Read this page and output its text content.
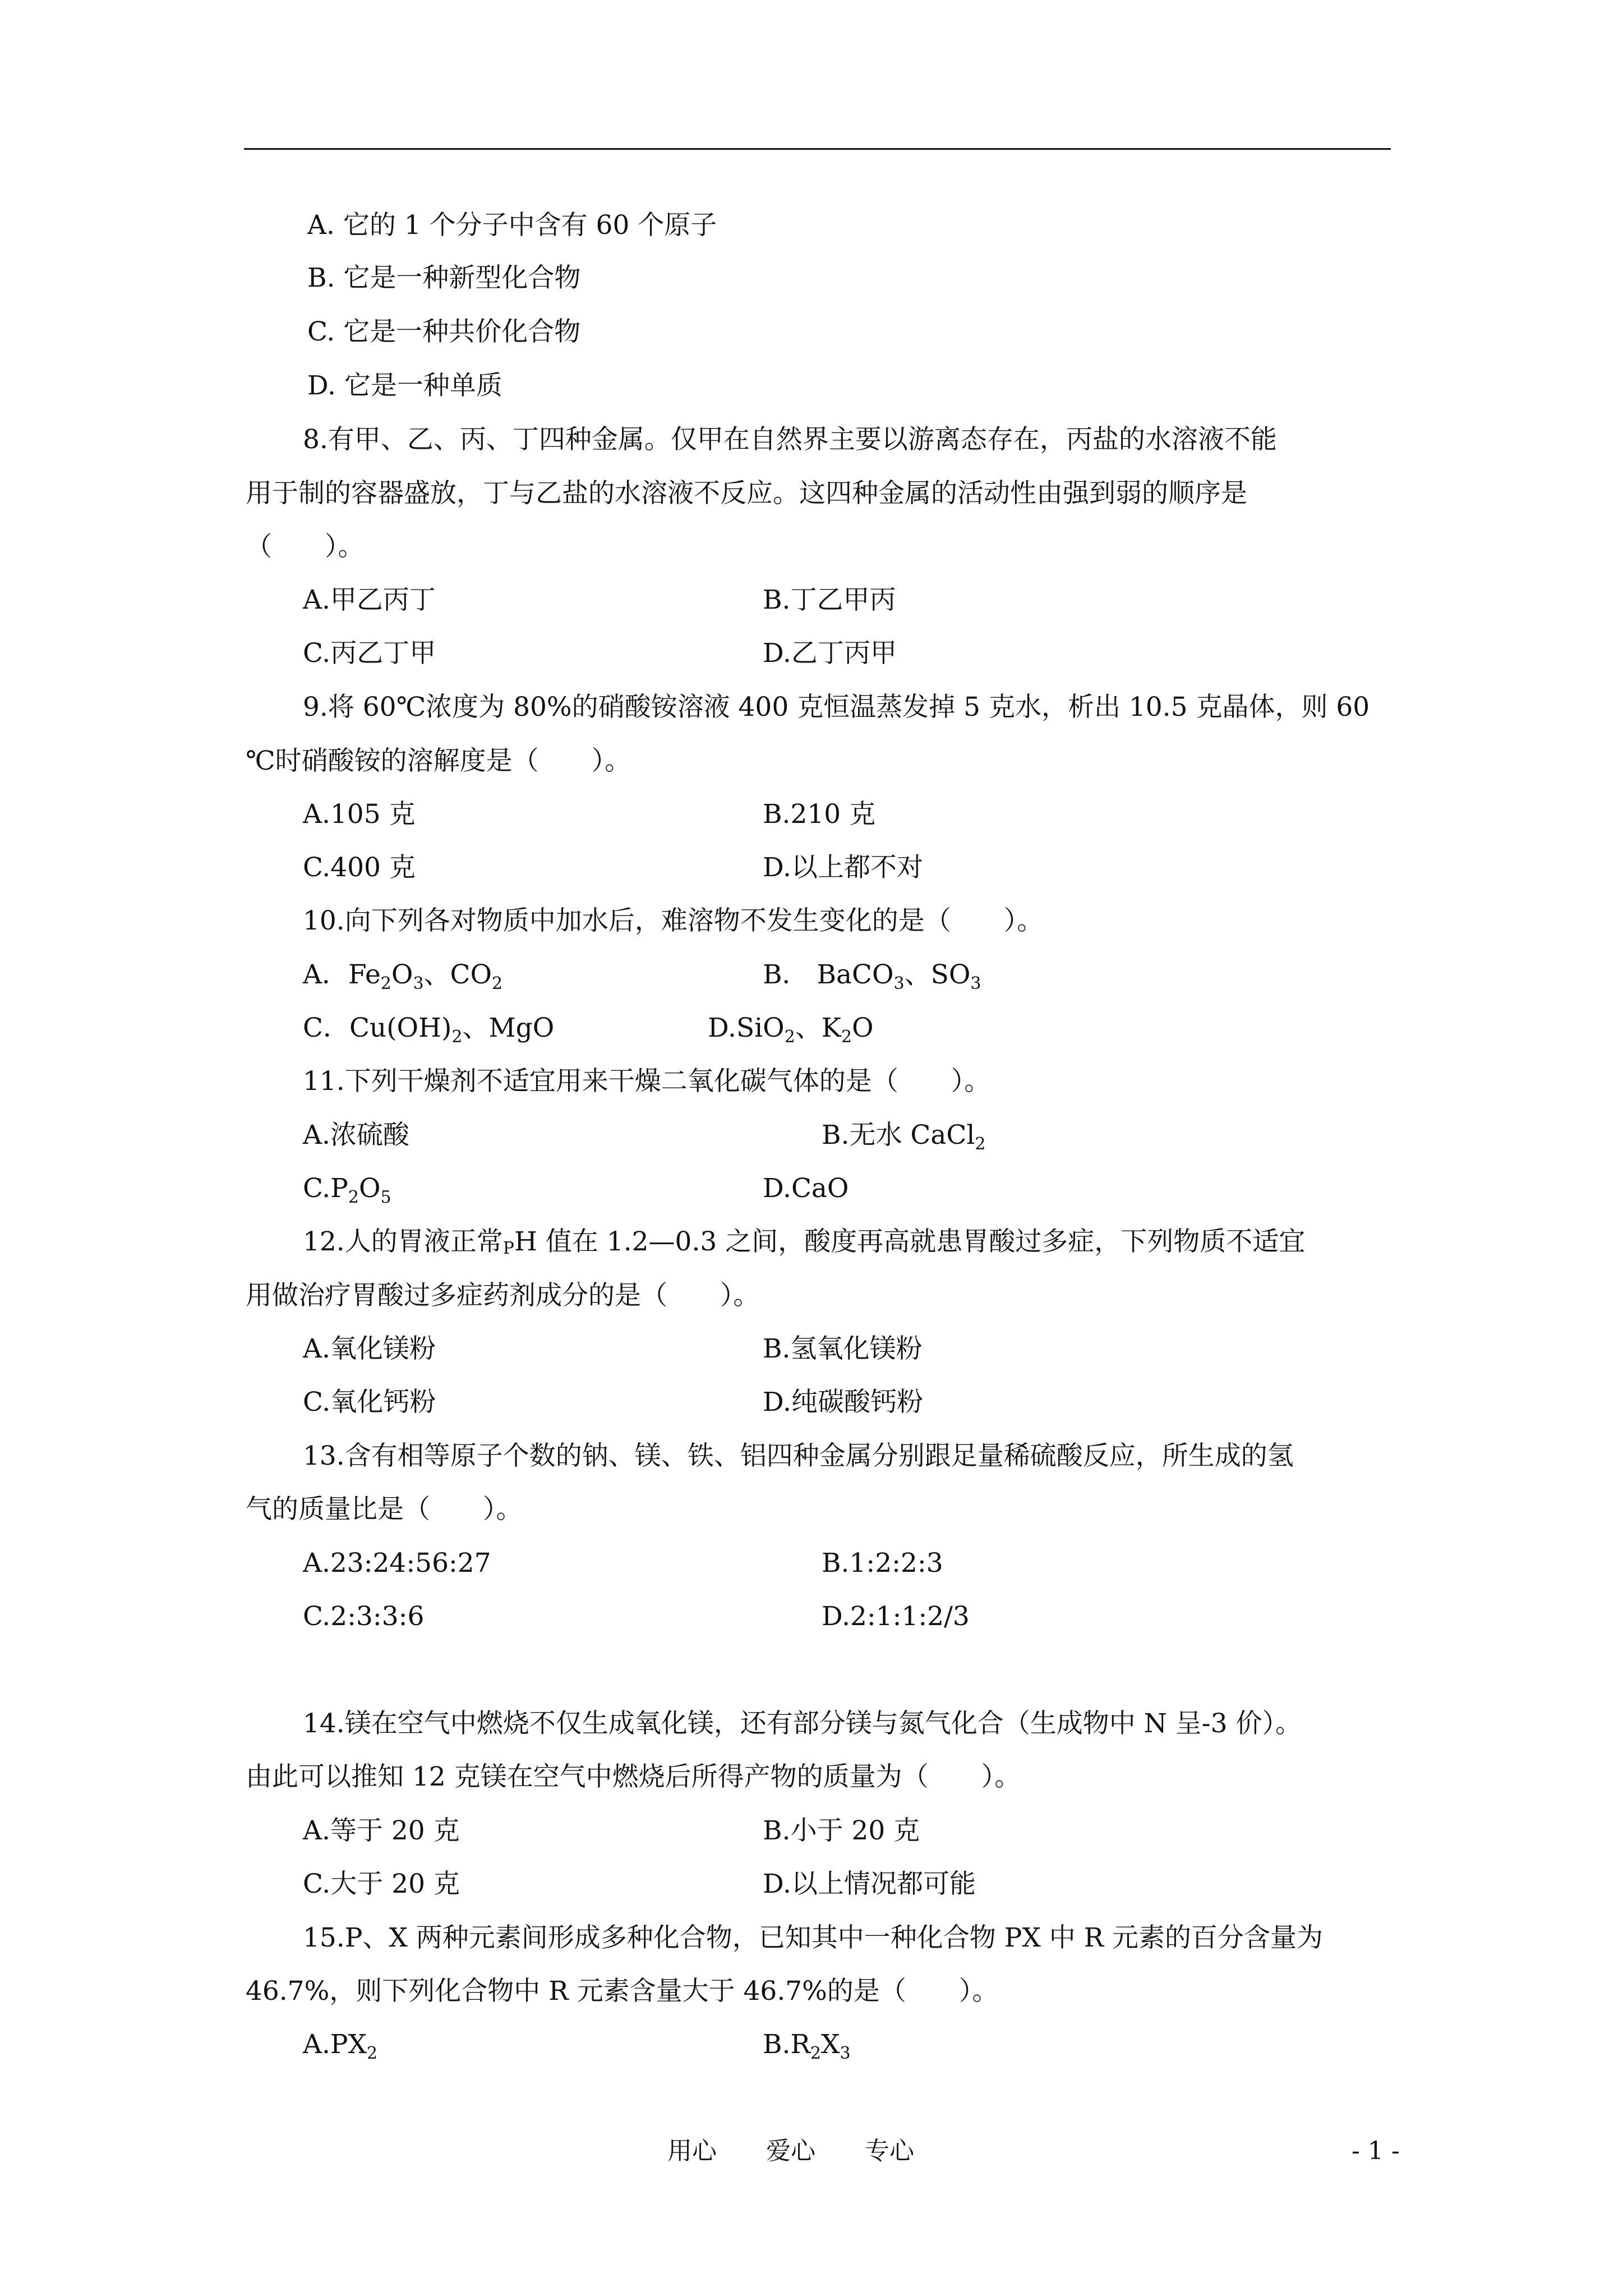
A. 它的 1 个分子中含有 60 个原子
B. 它是一种新型化合物
C. 它是一种共价化合物
D. 它是一种单质
8.有甲、乙、丙、丁四种金属。仅甲在自然界主要以游离态存在，丙盐的水溶液不能
用于制的容器盛放，丁与乙盐的水溶液不反应。这四种金属的活动性由强到弱的顺序是
（　　）。
A.甲乙丙丁	B.丁乙甲丙
C.丙乙丁甲	D.乙丁丙甲
9.将 60℃浓度为 80%的硝酸铵溶液 400 克恒温蒸发掉 5 克水，析出 10.5 克晶体，则 60
℃时硝酸铵的溶解度是（　　）。
A.105 克	B.210 克
C.400 克	D.以上都不对
10.向下列各对物质中加水后，难溶物不发生变化的是（　　）。
A．$Fe_2O_3$、$CO_2$	B． BaCO$_3$、$SO_3$
C．$Cu(OH)_2$、MgO	D.SiO$_2$、$K_2O$
11.下列干燥剂不适宜用来干燥二氧化碳气体的是（　　）。
A.浓硫酸	B.无水 CaCl$_2$
$C.P_2O_5$	D.CaO
12.人的胃液正常PH 值在 1.2—0.3 之间，酸度再高就患胃酸过多症，下列物质不适宜
用做治疗胃酸过多症药剂成分的是（　　）。
A.氧化镁粉	B.氢氧化镁粉
C.氧化钙粉	D.纯碳酸钙粉
13.含有相等原子个数的钠、镁、铁、铝四种金属分别跟足量稀硫酸反应，所生成的氢
气的质量比是（　　）。
A.23:24:56:27	B.1:2:2:3
C.2:3:3:6	D.2:1:1:2/3
14.镁在空气中燃烧不仅生成氧化镁，还有部分镁与氮气化合（生成物中 N 呈-3 价）。
由此可以推知 12 克镁在空气中燃烧后所得产物的质量为（　　）。
A.等于 20 克	B.小于 20 克
C.大于 20 克	D.以上情况都可能
15.P、X 两种元素间形成多种化合物，已知其中一种化合物 PX 中 R 元素的百分含量为
46.7%，则下列化合物中 R 元素含量大于 46.7%的是（　　）。
$A.PX_2$	$B.R_2X_3$
用心　　爱心　　专心	- 1 -
